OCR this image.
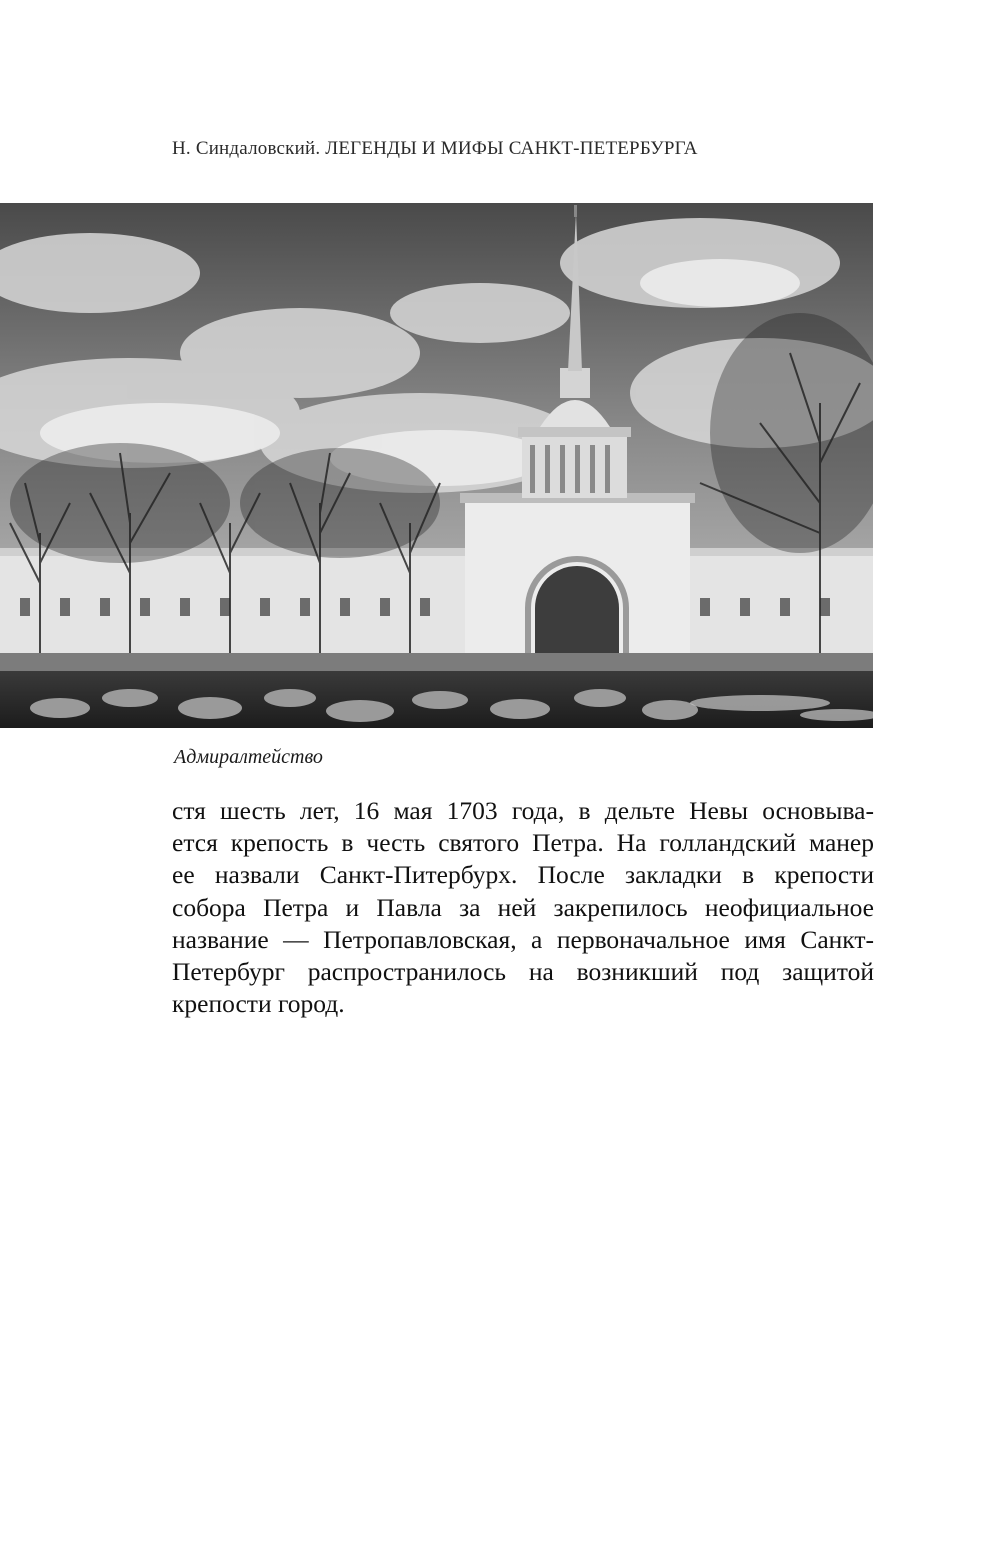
Н. Синдаловский. ЛЕГЕНДЫ И МИФЫ САНКТ-ПЕТЕРБУРГА
Адмиралтейство
стя шесть лет, 16 мая 1703 года, в дельте Невы основыва-
ется крепость в честь святого Петра. На голландский манер
ее назвали Санкт-Питербурх. После закладки в крепости
собора Петра и Павла за ней закрепилось неофициальное
название — Петропавловская, а первоначальное имя Санкт-
Петербург распространилось на возникший под защитой
крепости город.
